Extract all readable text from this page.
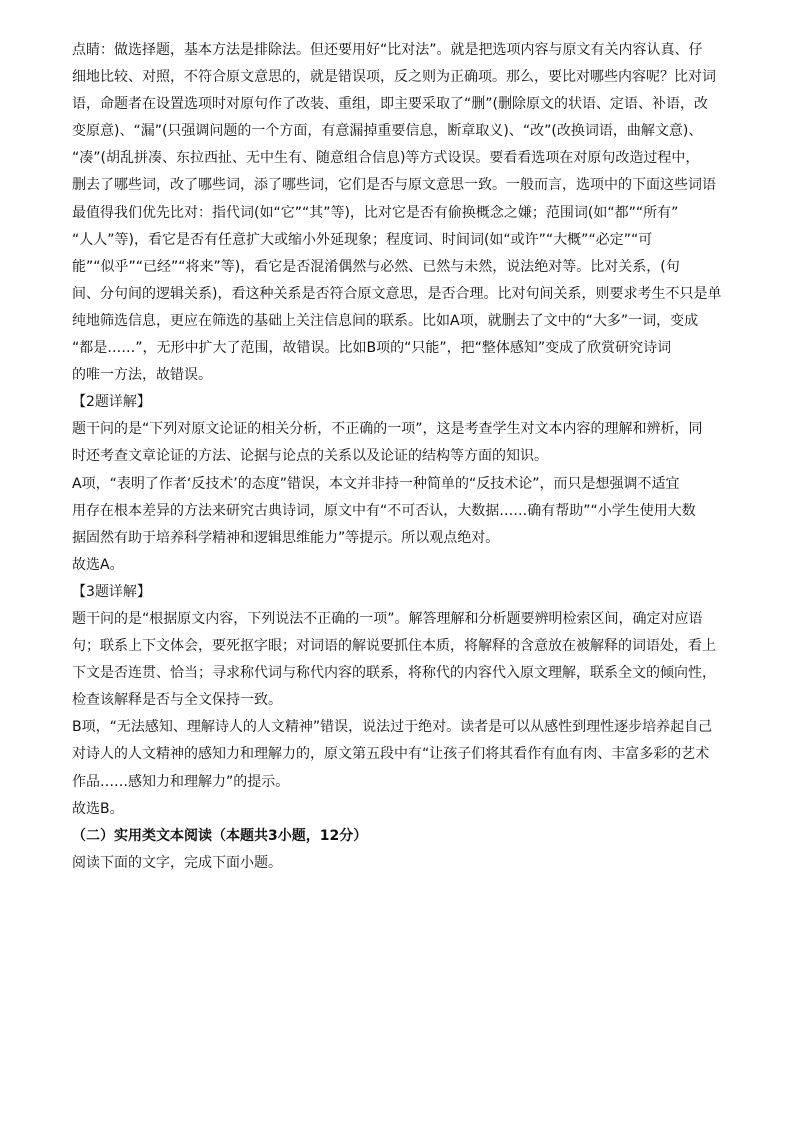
点睛：做选择题，基本方法是排除法。但还要用好“比对法”。就是把选项内容与原文有关内容认真、仔
细地比较、对照，不符合原文意思的，就是错误项，反之则为正确项。那么，要比对哪些内容呢？比对词
语，命题者在设置选项时对原句作了改装、重组，即主要采取了“删”(删除原文的状语、定语、补语，改
变原意)、“漏”(只强调问题的一个方面，有意漏掉重要信息，断章取义)、“改”(改换词语，曲解文意)、
“凑”(胡乱拼凑、东拉西扯、无中生有、随意组合信息)等方式设误。要看看选项在对原句改造过程中，
删去了哪些词，改了哪些词，添了哪些词，它们是否与原文意思一致。一般而言，选项中的下面这些词语
最值得我们优先比对：指代词(如“它”“其”等)，比对它是否有偷换概念之嫌；范围词(如“都”“所有”
“人人”等)，看它是否有任意扩大或缩小外延现象；程度词、时间词(如“或许”“大概”“必定”“可
能”“似乎”“已经”“将来”等)，看它是否混淆偶然与必然、已然与未然，说法绝对等。比对关系，(句
间、分句间的逻辑关系)，看这种关系是否符合原文意思，是否合理。比对句间关系，则要求考生不只是单
纯地筛选信息，更应在筛选的基础上关注信息间的联系。比如A项，就删去了文中的“大多”一词，变成
“都是……”，无形中扩大了范围，故错误。比如B项的“只能”，把“整体感知”变成了欣赏研究诗词
的唯一方法，故错误。
【2题详解】
题干问的是“下列对原文论证的相关分析，不正确的一项”，这是考查学生对文本内容的理解和辨析，同
时还考查文章论证的方法、论据与论点的关系以及论证的结构等方面的知识。
A项，“表明了作者‘反技术’的态度”错误，本文并非持一种简单的“反技术论”，而只是想强调不适宜
用存在根本差异的方法来研究古典诗词，原文中有“不可否认，大数据……确有帮助”“小学生使用大数
据固然有助于培养科学精神和逻辑思维能力”等提示。所以观点绝对。
故选A。
【3题详解】
题干问的是“根据原文内容，下列说法不正确的一项”。解答理解和分析题要辨明检索区间，确定对应语
句；联系上下文体会，要死抠字眼；对词语的解说要抓住本质，将解释的含意放在被解释的词语处，看上
下文是否连贯、恰当；寻求称代词与称代内容的联系，将称代的内容代入原文理解，联系全文的倾向性，
检查该解释是否与全文保持一致。
B项，“无法感知、理解诗人的人文精神”错误，说法过于绝对。读者是可以从感性到理性逐步培养起自己
对诗人的人文精神的感知力和理解力的，原文第五段中有“让孩子们将其看作有血有肉、丰富多彩的艺术
作品……感知力和理解力”的提示。
故选B。
（二）实用类文本阅读（本题共3小题，12分）
阅读下面的文字，完成下面小题。
